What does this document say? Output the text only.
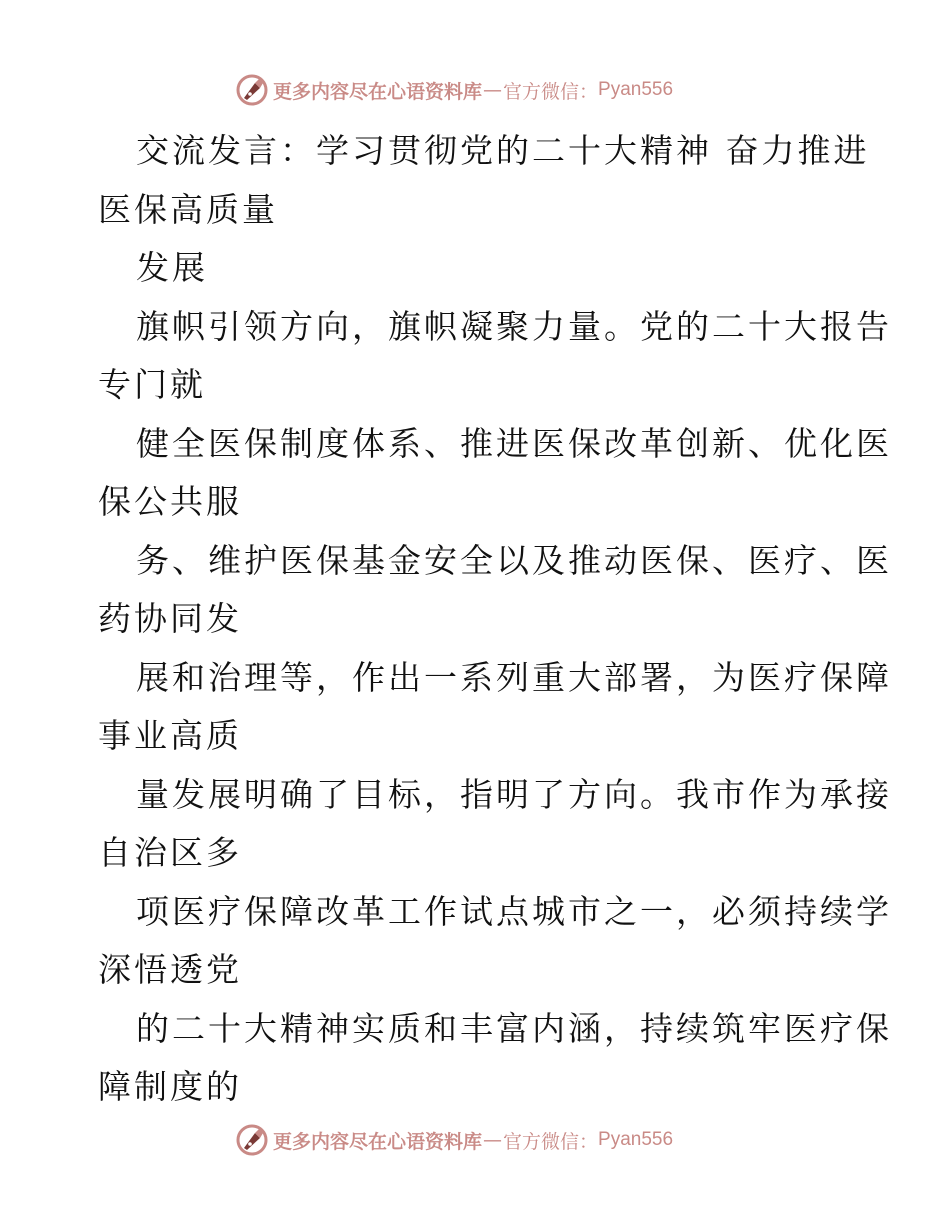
更多内容尽在心语资料库 — 官方微信： Pyan556
交流发言：学习贯彻党的二十大精神 奋力推进
医保高质量
发展
旗帜引领方向，旗帜凝聚力量。党的二十大报告
专门就
健全医保制度体系、推进医保改革创新、优化医
保公共服
务、维护医保基金安全以及推动医保、医疗、医
药协同发
展和治理等，作出一系列重大部署，为医疗保障
事业高质
量发展明确了目标，指明了方向。我市作为承接
自治区多
项医疗保障改革工作试点城市之一，必须持续学
深悟透党
的二十大精神实质和丰富内涵，持续筑牢医疗保
障制度的
更多内容尽在心语资料库 — 官方微信： Pyan556
